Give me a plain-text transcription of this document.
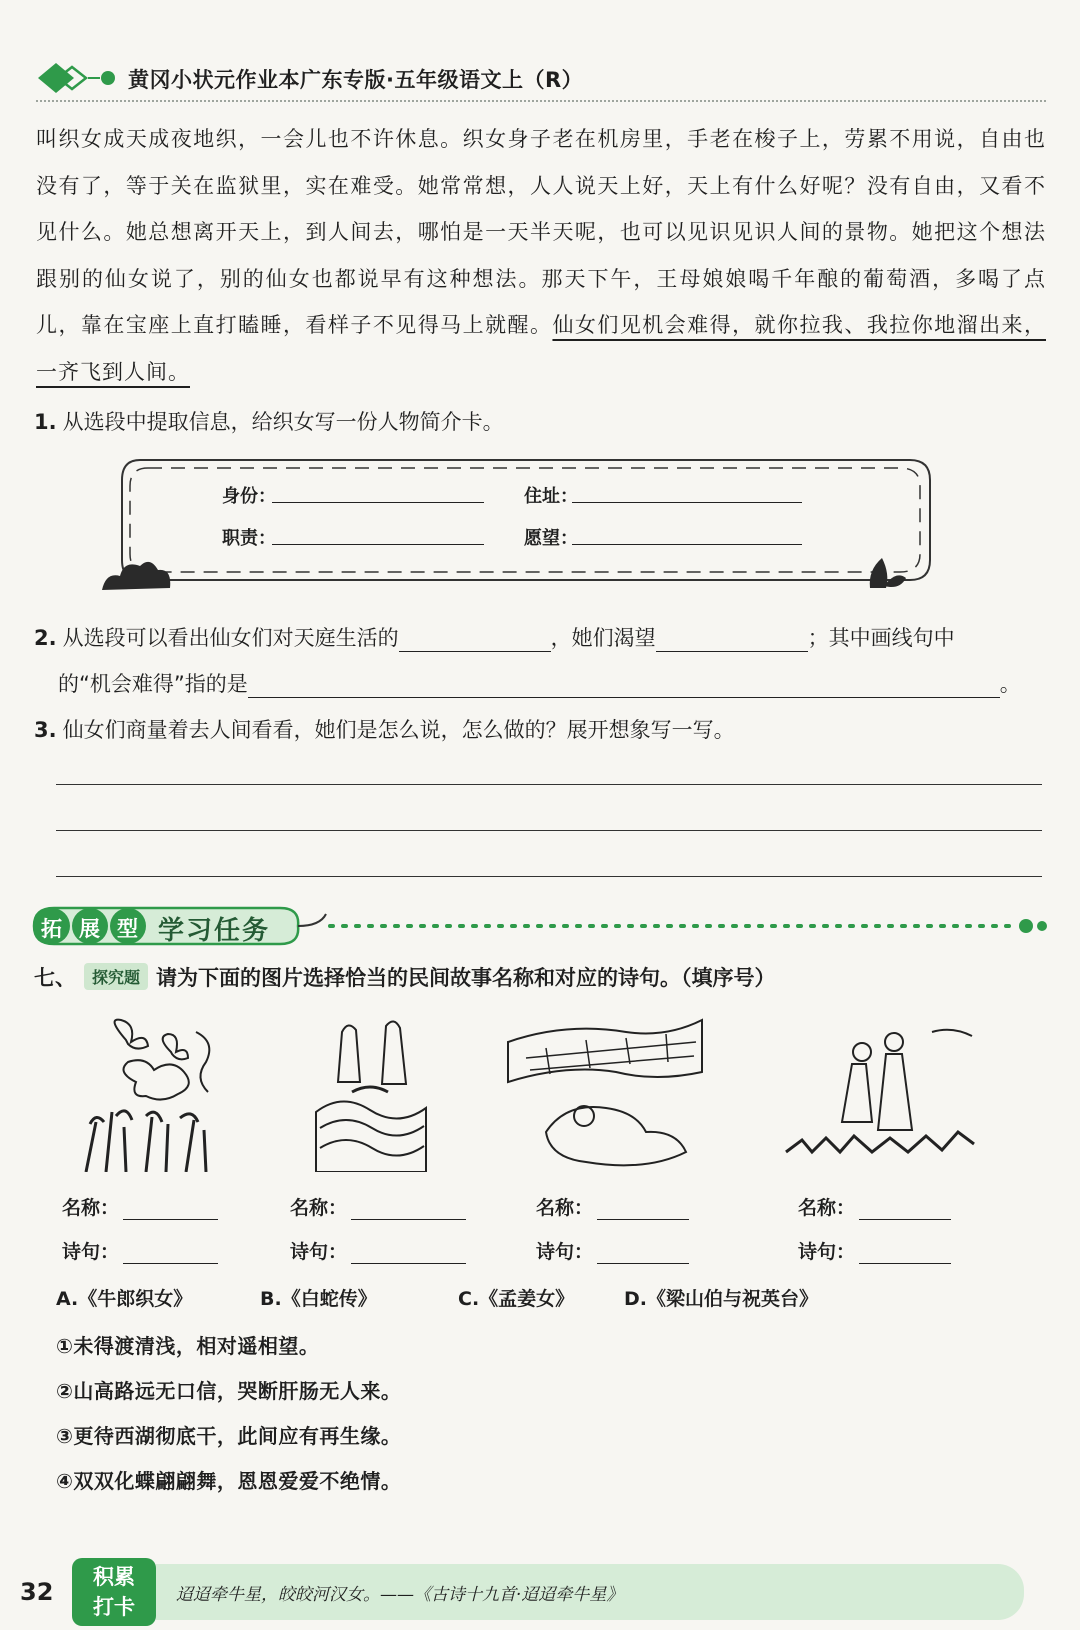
黄冈小状元作业本广东专版·五年级语文上（R）
叫织女成天成夜地织，一会儿也不许休息。织女身子老在机房里，手老在梭子上，劳累不用说，自由也没有了，等于关在监狱里，实在难受。她常常想，人人说天上好，天上有什么好呢？没有自由，又看不见什么。她总想离开天上，到人间去，哪怕是一天半天呢，也可以见识见识人间的景物。她把这个想法跟别的仙女说了，别的仙女也都说早有这种想法。那天下午，王母娘娘喝千年酿的葡萄酒，多喝了点儿，靠在宝座上直打瞌睡，看样子不见得马上就醒。仙女们见机会难得，就你拉我、我拉你地溜出来，一齐飞到人间。
1. 从选段中提取信息，给织女写一份人物简介卡。
身份：	住址：
职责：	愿望：
2. 从选段可以看出仙女们对天庭生活的	，她们渴望	；其中画线句中
的“机会难得”指的是	。
3. 仙女们商量着去人间看看，她们是怎么说，怎么做的？展开想象写一写。
拓 展 型 学习任务
七、 探究题 请为下面的图片选择恰当的民间故事名称和对应的诗句。（填序号）
名称：
诗句：
名称：
诗句：
名称：
诗句：
名称：
诗句：
A.《牛郎织女》	B.《白蛇传》	C.《孟姜女》	D.《梁山伯与祝英台》
①未得渡清浅，相对遥相望。
②山高路远无口信，哭断肝肠无人来。
③更待西湖彻底干，此间应有再生缘。
④双双化蝶翩翩舞，恩恩爱爱不绝情。
32
积累
打卡	迢迢牵牛星，皎皎河汉女。——《古诗十九首·迢迢牵牛星》
